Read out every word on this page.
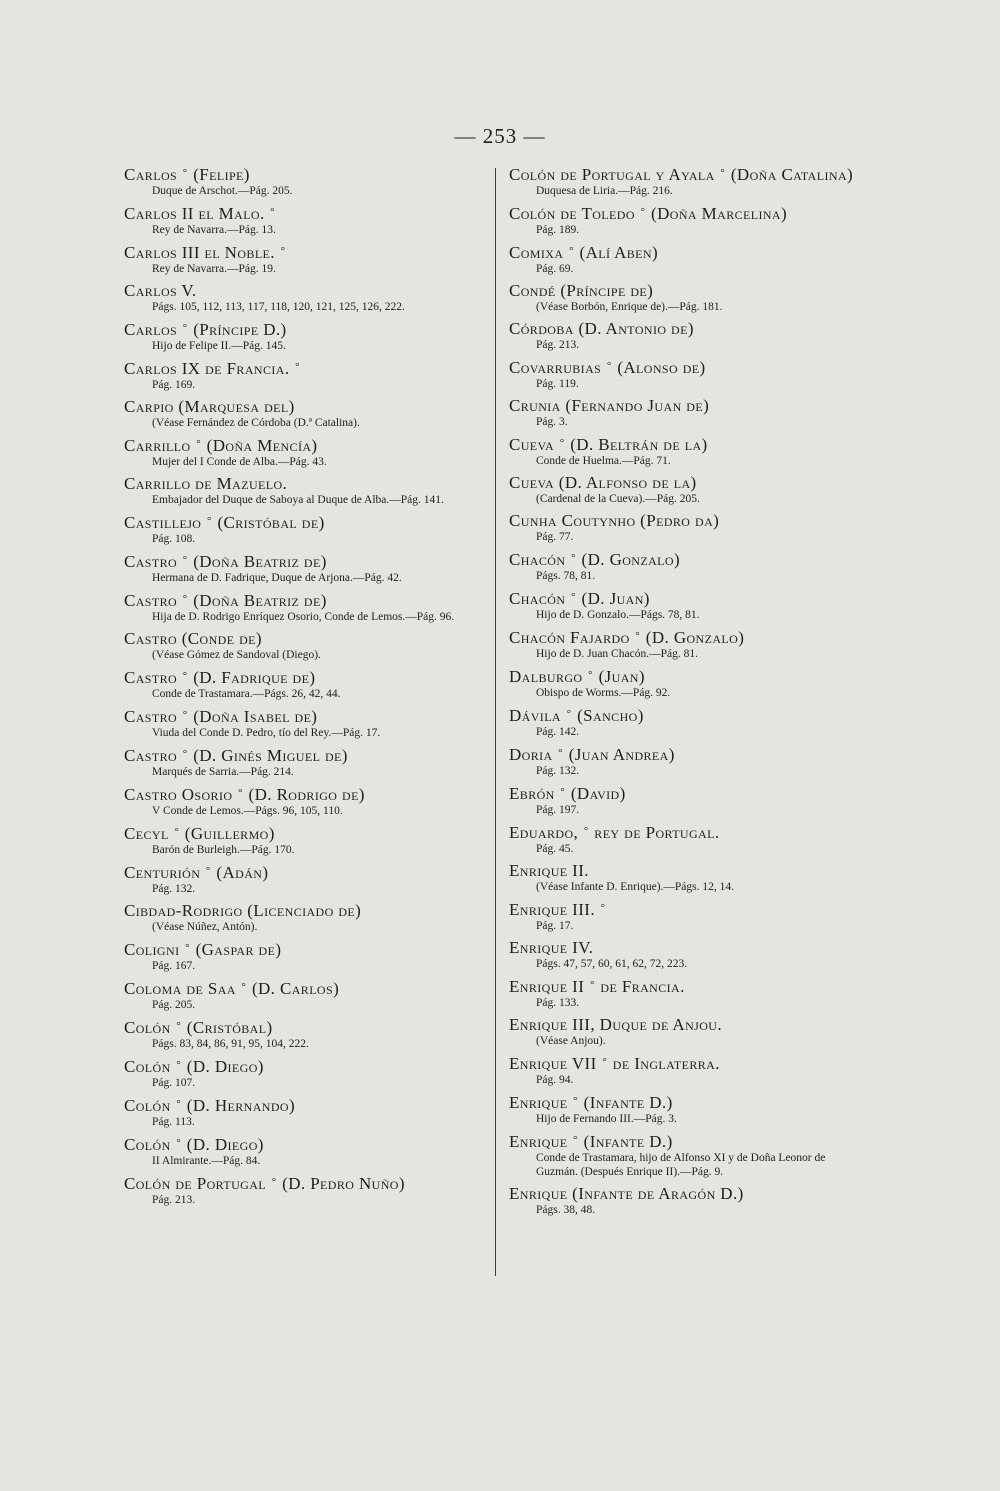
— 253 —
Carlos ° (Felipe)
Duque de Arschot.—Pág. 205.
Carlos II el Malo. °
Rey de Navarra.—Pág. 13.
Carlos III el Noble. °
Rey de Navarra.—Pág. 19.
Carlos V.
Págs. 105, 112, 113, 117, 118, 120, 121, 125, 126, 222.
Carlos ° (Príncipe D.)
Hijo de Felipe II.—Pág. 145.
Carlos IX de Francia. °
Pág. 169.
Carpio (Marquesa del)
(Véase Fernández de Córdoba (D.ª Catalina).
Carrillo ° (Doña Mencía)
Mujer del I Conde de Alba.—Pág. 43.
Carrillo de Mazuelo.
Embajador del Duque de Saboya al Duque de Alba.—Pág. 141.
Castillejo ° (Cristóbal de)
Pág. 108.
Castro ° (Doña Beatriz de)
Hermana de D. Fadrique, Duque de Arjona.—Pág. 42.
Castro ° (Doña Beatriz de)
Hija de D. Rodrigo Enríquez Osorio, Conde de Lemos.—Pág. 96.
Castro (Conde de)
(Véase Gómez de Sandoval (Diego).
Castro ° (D. Fadrique de)
Conde de Trastamara.—Págs. 26, 42, 44.
Castro ° (Doña Isabel de)
Viuda del Conde D. Pedro, tío del Rey.—Pág. 17.
Castro ° (D. Ginés Miguel de)
Marqués de Sarria.—Pág. 214.
Castro Osorio ° (D. Rodrigo de)
V Conde de Lemos.—Págs. 96, 105, 110.
Cecyl ° (Guillermo)
Barón de Burleigh.—Pág. 170.
Centurión ° (Adán)
Pág. 132.
Cibdad-Rodrigo (Licenciado de)
(Véase Núñez, Antón).
Coligni ° (Gaspar de)
Pág. 167.
Coloma de Saa ° (D. Carlos)
Pág. 205.
Colón ° (Cristóbal)
Págs. 83, 84, 86, 91, 95, 104, 222.
Colón ° (D. Diego)
Pág. 107.
Colón ° (D. Hernando)
Pág. 113.
Colón ° (D. Diego)
II Almirante.—Pág. 84.
Colón de Portugal ° (D. Pedro Nuño)
Pág. 213.
Colón de Portugal y Ayala ° (Doña Catalina)
Duquesa de Liria.—Pág. 216.
Colón de Toledo ° (Doña Marcelina)
Pág. 189.
Comixa ° (Alí Aben)
Pág. 69.
Condé (Príncipe de)
(Véase Borbón, Enrique de).—Pág. 181.
Córdoba (D. Antonio de)
Pág. 213.
Covarrubias ° (Alonso de)
Pág. 119.
Crunia (Fernando Juan de)
Pág. 3.
Cueva ° (D. Beltrán de la)
Conde de Huelma.—Pág. 71.
Cueva (D. Alfonso de la)
(Cardenal de la Cueva).—Pág. 205.
Cunha Coutynho (Pedro da)
Pág. 77.
Chacón ° (D. Gonzalo)
Págs. 78, 81.
Chacón ° (D. Juan)
Hijo de D. Gonzalo.—Págs. 78, 81.
Chacón Fajardo ° (D. Gonzalo)
Hijo de D. Juan Chacón.—Pág. 81.
Dalburgo ° (Juan)
Obispo de Worms.—Pág. 92.
Dávila ° (Sancho)
Pág. 142.
Doria ° (Juan Andrea)
Pág. 132.
Ebrón ° (David)
Pág. 197.
Eduardo, ° rey de Portugal.
Pág. 45.
Enrique II.
(Véase Infante D. Enrique).—Págs. 12, 14.
Enrique III. °
Pág. 17.
Enrique IV.
Págs. 47, 57, 60, 61, 62, 72, 223.
Enrique II ° de Francia.
Pág. 133.
Enrique III, Duque de Anjou.
(Véase Anjou).
Enrique VII ° de Inglaterra.
Pág. 94.
Enrique ° (Infante D.)
Hijo de Fernando III.—Pág. 3.
Enrique ° (Infante D.)
Conde de Trastamara, hijo de Alfonso XI y de Doña Leonor de Guzmán. (Después Enrique II).—Pág. 9.
Enrique (Infante de Aragón D.)
Págs. 38, 48.
